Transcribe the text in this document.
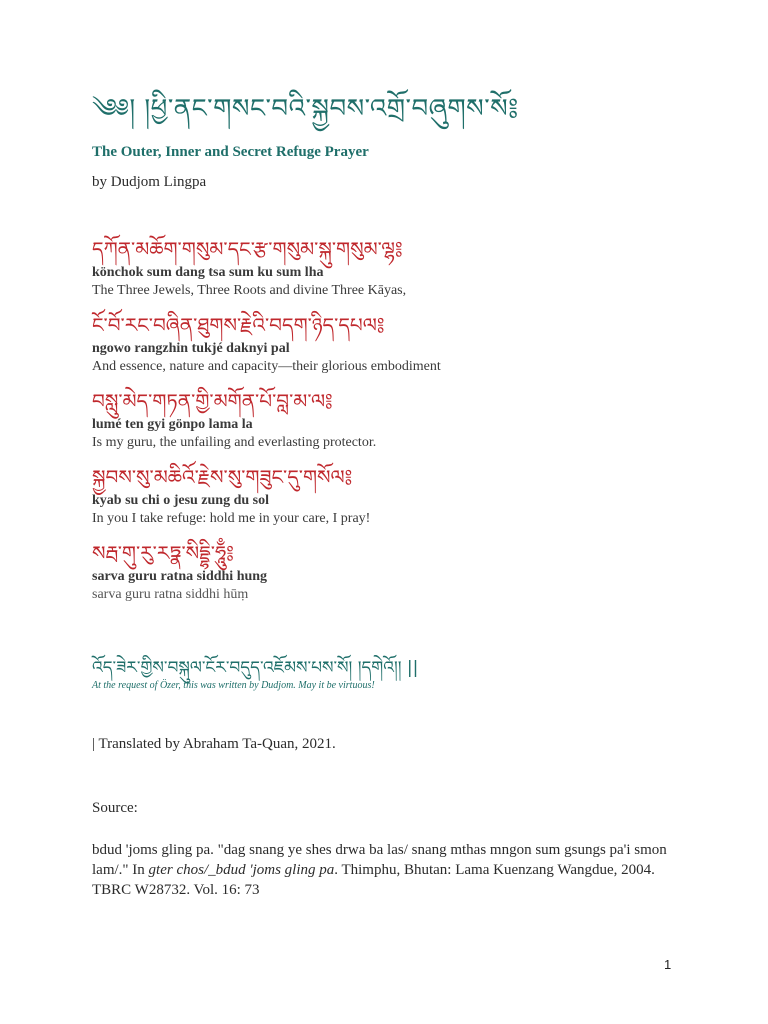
༄༅། །ཕྱི་ནང་གསང་བའི་སྐྱབས་འགྲོ་བཞུགས་སོ༔
The Outer, Inner and Secret Refuge Prayer
by Dudjom Lingpa
དཀོན་མཆོག་གསུམ་དང་རྩ་གསུམ་སྐུ་གསུམ་ལྷ༔
könchok sum dang tsa sum ku sum lha
The Three Jewels, Three Roots and divine Three Kāyas,
ངོ་བོ་རང་བཞིན་ཐུགས་རྗེའི་བདག་ཉིད་དཔལ༔
ngowo rangzhin tukjé daknyi pal
And essence, nature and capacity—their glorious embodiment
བསླུ་མེད་གཏན་གྱི་མགོན་པོ་བླ་མ་ལ༔
lumé ten gyi gönpo lama la
Is my guru, the unfailing and everlasting protector.
སྐྱབས་སུ་མཆིའོ་རྗེས་སུ་གཟུང་དུ་གསོལ༔
kyab su chi o jesu zung du sol
In you I take refuge: hold me in your care, I pray!
སརྦ་གུ་རུ་རཏྣ་སིདྡྷི་ཧཱུྃ༔
sarva guru ratna siddhi hung
sarva guru ratna siddhi hūṃ
འོད་ཟེར་གྱིས་བསྐུལ་ངོར་བདུད་འཇོམས་པས་སོ། །དགེའོ།། ||
At the request of Özer, this was written by Dudjom. May it be virtuous!
| Translated by Abraham Ta-Quan, 2021.
Source:
bdud 'joms gling pa. "dag snang ye shes drwa ba las/ snang mthas mngon sum gsungs pa'i smon lam/." In gter chos/_bdud 'joms gling pa. Thimphu, Bhutan: Lama Kuenzang Wangdue, 2004. TBRC W28732. Vol. 16: 73
1
